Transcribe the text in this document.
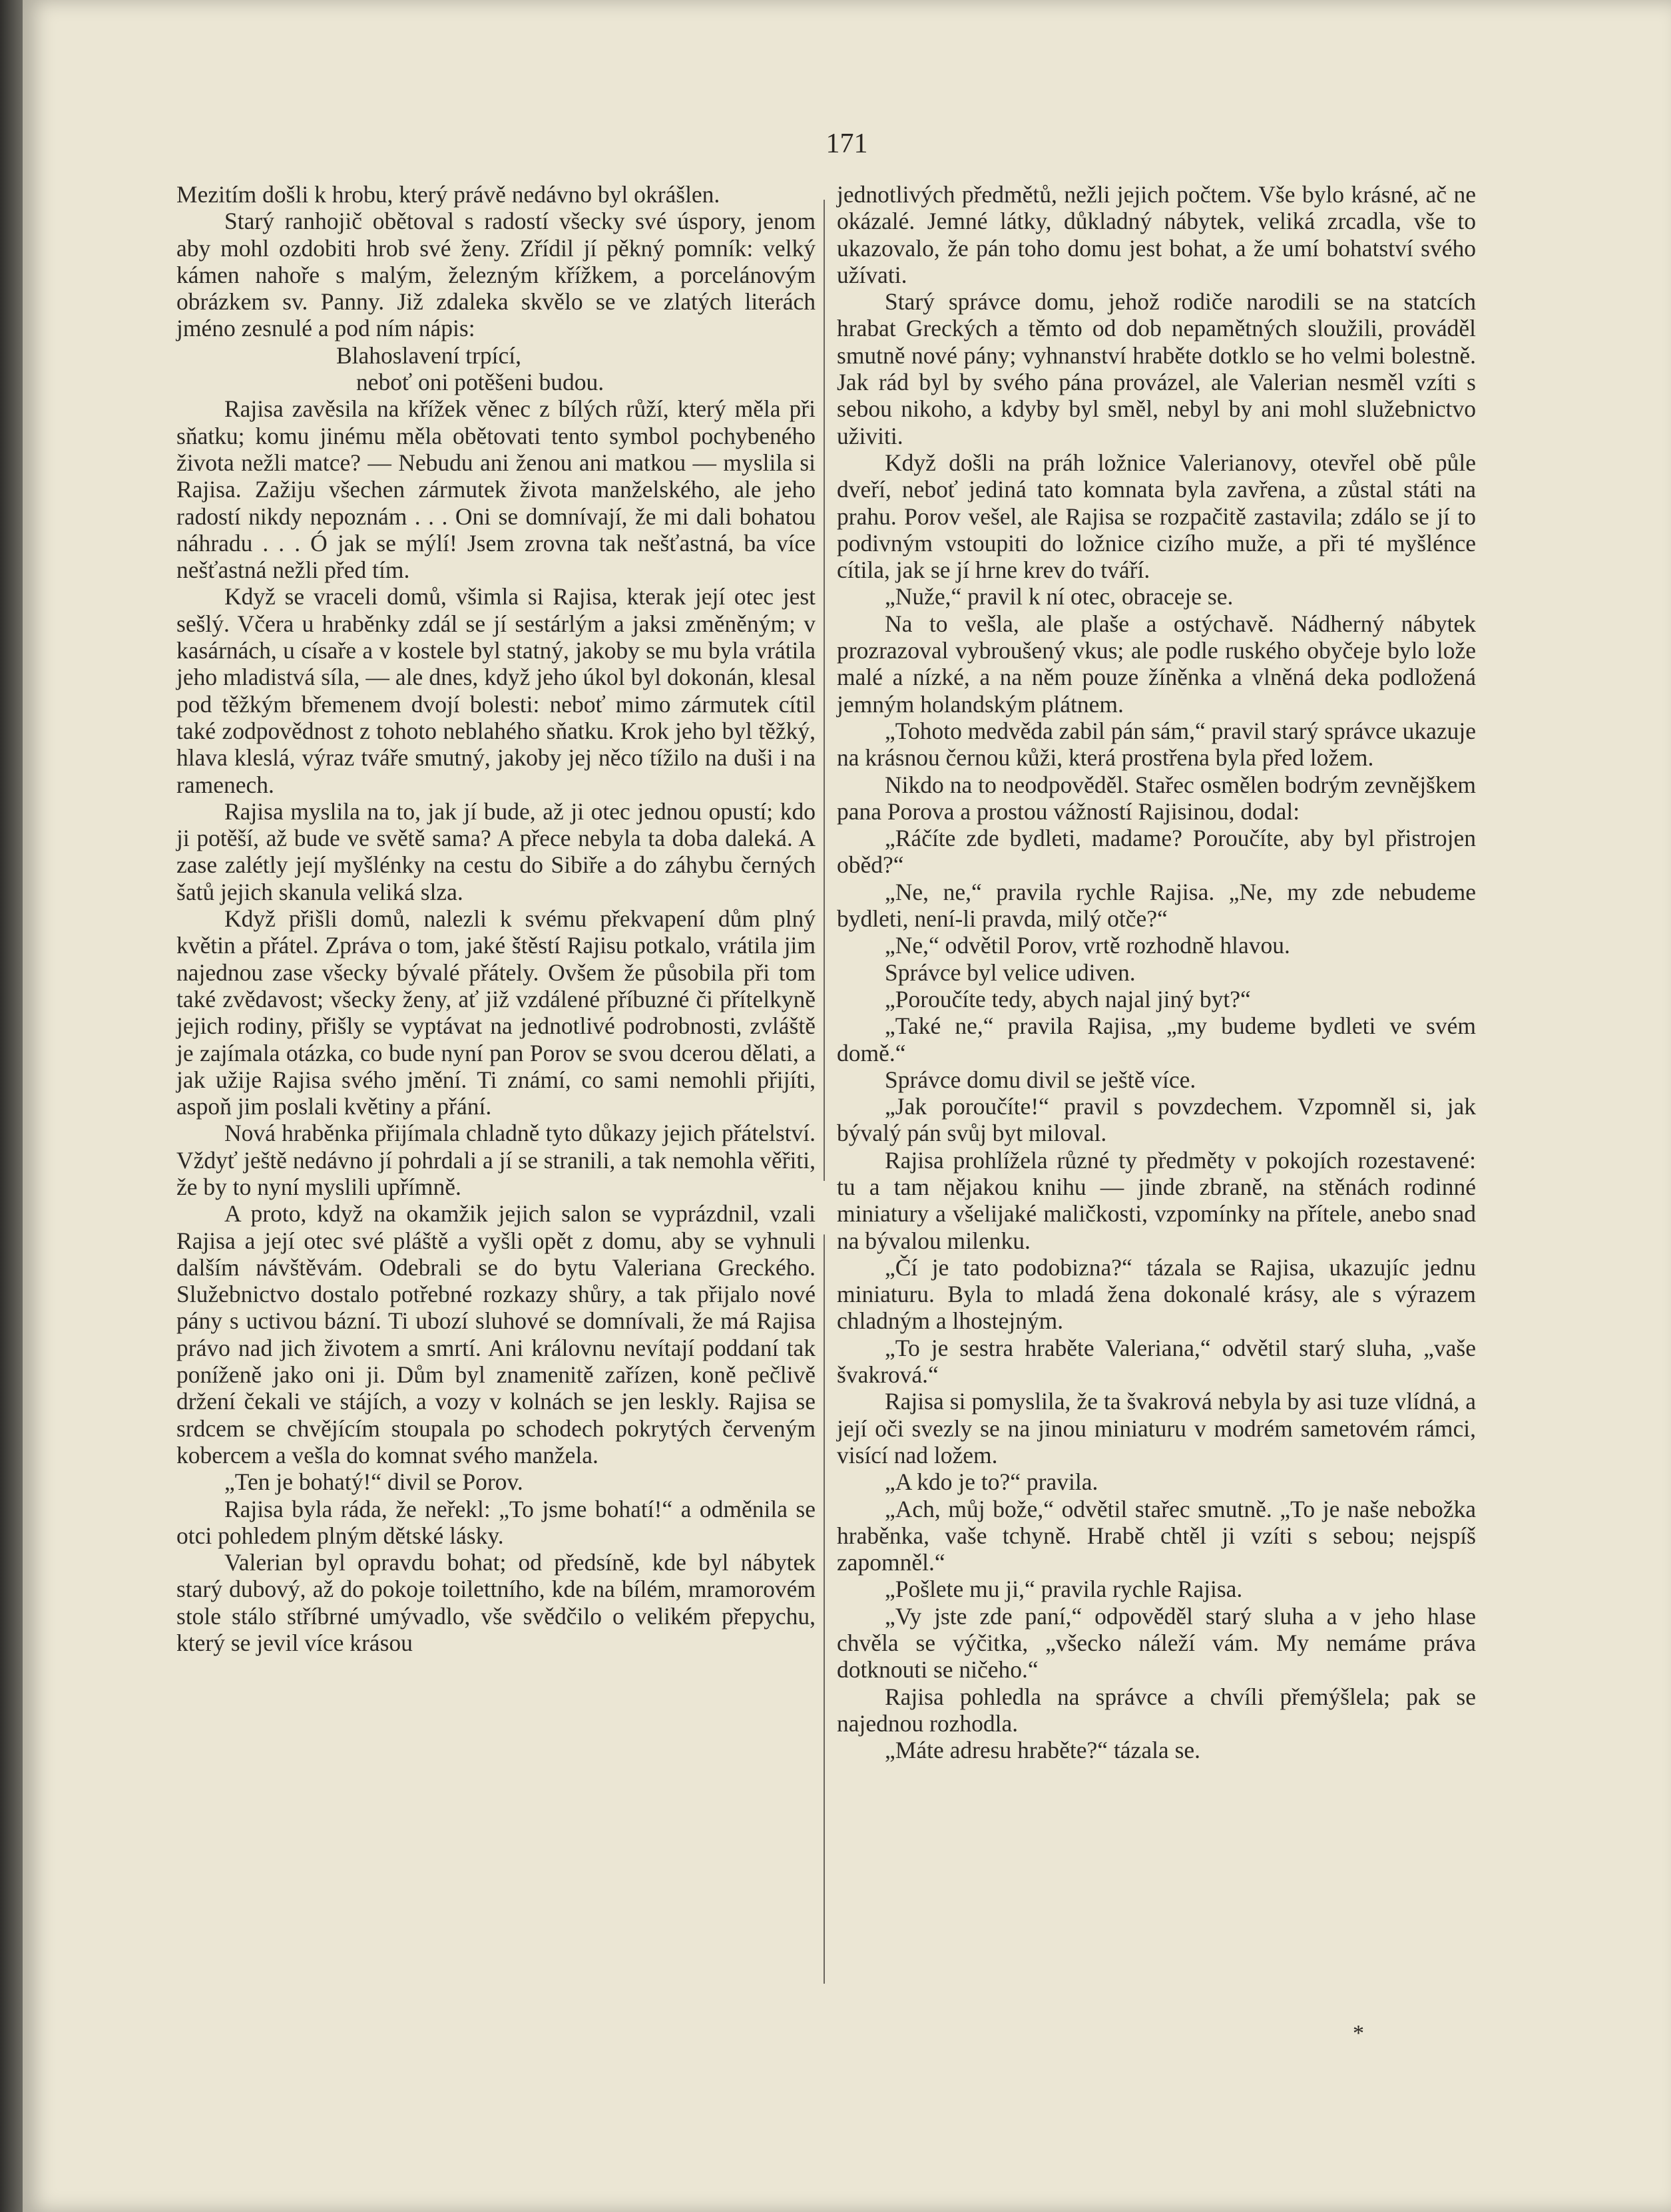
171

Mezitím došli k hrobu, který právě nedávno byl okrášlen.

Starý ranhojič obětoval s radostí všecky své úspory, jenom aby mohl ozdobiti hrob své ženy. Zřídil jí pěkný pomník: velký kámen nahoře s malým, železným křížkem, a porcelánovým obrázkem sv. Panny. Již zdaleka skvělo se ve zlatých literách jméno zesnulé a pod ním nápis:

Blahoslavení trpící,

neboť oni potěšeni budou.

Rajisa zavěsila na křížek věnec z bílých růží, který měla při sňatku; komu jinému měla obětovati tento symbol pochybeného života nežli matce? — Nebudu ani ženou ani matkou — myslila si Rajisa. Zažiju všechen zármutek života manželského, ale jeho radostí nikdy nepoznám . . . Oni se domnívají, že mi dali bohatou náhradu . . . Ó jak se mýlí! Jsem zrovna tak nešťastná, ba více nešťastná nežli před tím.

Když se vraceli domů, všimla si Rajisa, kterak její otec jest sešlý. Včera u hraběnky zdál se jí sestárlým a jaksi změněným; v kasárnách, u císaře a v kostele byl statný, jakoby se mu byla vrátila jeho mladistvá síla, — ale dnes, když jeho úkol byl dokonán, klesal pod těžkým břemenem dvojí bolesti: neboť mimo zármutek cítil také zodpovědnost z tohoto neblahého sňatku. Krok jeho byl těžký, hlava kleslá, výraz tváře smutný, jakoby jej něco tížilo na duši i na ramenech.

Rajisa myslila na to, jak jí bude, až ji otec jednou opustí; kdo ji potěší, až bude ve světě sama? A přece nebyla ta doba daleká. A zase zalétly její myšlénky na cestu do Sibiře a do záhybu černých šatů jejich skanula veliká slza.

Když přišli domů, nalezli k svému překvapení dům plný květin a přátel. Zpráva o tom, jaké štěstí Rajisu potkalo, vrátila jim najednou zase všecky bývalé přátely. Ovšem že působila při tom také zvědavost; všecky ženy, ať již vzdálené příbuzné či přítelkyně jejich rodiny, přišly se vyptávat na jednotlivé podrobnosti, zvláště je zajímala otázka, co bude nyní pan Porov se svou dcerou dělati, a jak užije Rajisa svého jmění. Ti známí, co sami nemohli přijíti, aspoň jim poslali květiny a přání.

Nová hraběnka přijímala chladně tyto důkazy jejich přátelství. Vždyť ještě nedávno jí pohrdali a jí se stranili, a tak nemohla věřiti, že by to nyní myslili upřímně.

A proto, když na okamžik jejich salon se vyprázdnil, vzali Rajisa a její otec své pláště a vyšli opět z domu, aby se vyhnuli dalším návštěvám. Odebrali se do bytu Valeriana Greckého. Služebnictvo dostalo potřebné rozkazy shůry, a tak přijalo nové pány s uctivou bázní. Ti ubozí sluhové se domnívali, že má Rajisa právo nad jich životem a smrtí. Ani královnu nevítají poddaní tak poníženě jako oni ji. Dům byl znamenitě zařízen, koně pečlivě držení čekali ve stájích, a vozy v kolnách se jen leskly. Rajisa se srdcem se chvějícím stoupala po schodech pokrytých červeným kobercem a vešla do komnat svého manžela.

„Ten je bohatý!“ divil se Porov.

Rajisa byla ráda, že neřekl: „To jsme bohatí!“ a odměnila se otci pohledem plným dětské lásky.

Valerian byl opravdu bohat; od předsíně, kde byl nábytek starý dubový, až do pokoje toilettního, kde na bílém, mramorovém stole stálo stříbrné umývadlo, vše svědčilo o velikém přepychu, který se jevil více krásou

jednotlivých předmětů, nežli jejich počtem. Vše bylo krásné, ač ne okázalé. Jemné látky, důkladný nábytek, veliká zrcadla, vše to ukazovalo, že pán toho domu jest bohat, a že umí bohatství svého užívati.

Starý správce domu, jehož rodiče narodili se na statcích hrabat Greckých a těmto od dob nepamětných sloužili, prováděl smutně nové pány; vyhnanství hraběte dotklo se ho velmi bolestně. Jak rád byl by svého pána provázel, ale Valerian nesměl vzíti s sebou nikoho, a kdyby byl směl, nebyl by ani mohl služebnictvo uživiti.

Když došli na práh ložnice Valerianovy, otevřel obě půle dveří, neboť jediná tato komnata byla zavřena, a zůstal státi na prahu. Porov vešel, ale Rajisa se rozpačitě zastavila; zdálo se jí to podivným vstoupiti do ložnice cizího muže, a při té myšlénce cítila, jak se jí hrne krev do tváří.

„Nuže,“ pravil k ní otec, obraceje se.

Na to vešla, ale plaše a ostýchavě. Nádherný nábytek prozrazoval vybroušený vkus; ale podle ruského obyčeje bylo lože malé a nízké, a na něm pouze žíněnka a vlněná deka podložená jemným holandským plátnem.

„Tohoto medvěda zabil pán sám,“ pravil starý správce ukazuje na krásnou černou kůži, která prostřena byla před ložem.

Nikdo na to neodpověděl. Stařec osmělen bodrým zevnějškem pana Porova a prostou vážností Rajisinou, dodal:

„Ráčíte zde bydleti, madame? Poroučíte, aby byl přistrojen oběd?“

„Ne, ne,“ pravila rychle Rajisa. „Ne, my zde nebudeme bydleti, není-li pravda, milý otče?“

„Ne,“ odvětil Porov, vrtě rozhodně hlavou.

Správce byl velice udiven.

„Poroučíte tedy, abych najal jiný byt?“

„Také ne,“ pravila Rajisa, „my budeme bydleti ve svém domě.“

Správce domu divil se ještě více.

„Jak poroučíte!“ pravil s povzdechem. Vzpomněl si, jak bývalý pán svůj byt miloval.

Rajisa prohlížela různé ty předměty v pokojích rozestavené: tu a tam nějakou knihu — jinde zbraně, na stěnách rodinné miniatury a všelijaké maličkosti, vzpomínky na přítele, anebo snad na bývalou milenku.

„Čí je tato podobizna?“ tázala se Rajisa, ukazujíc jednu miniaturu. Byla to mladá žena dokonalé krásy, ale s výrazem chladným a lhostejným.

„To je sestra hraběte Valeriana,“ odvětil starý sluha, „vaše švakrová.“

Rajisa si pomyslila, že ta švakrová nebyla by asi tuze vlídná, a její oči svezly se na jinou miniaturu v modrém sametovém rámci, visící nad ložem.

„A kdo je to?“ pravila.

„Ach, můj bože,“ odvětil stařec smutně. „To je naše nebožka hraběnka, vaše tchyně. Hrabě chtěl ji vzíti s sebou; nejspíš zapomněl.“

„Pošlete mu ji,“ pravila rychle Rajisa.

„Vy jste zde paní,“ odpověděl starý sluha a v jeho hlase chvěla se výčitka, „všecko náleží vám. My nemáme práva dotknouti se ničeho.“

Rajisa pohledla na správce a chvíli přemýšlela; pak se najednou rozhodla.

„Máte adresu hraběte?“ tázala se.

*
